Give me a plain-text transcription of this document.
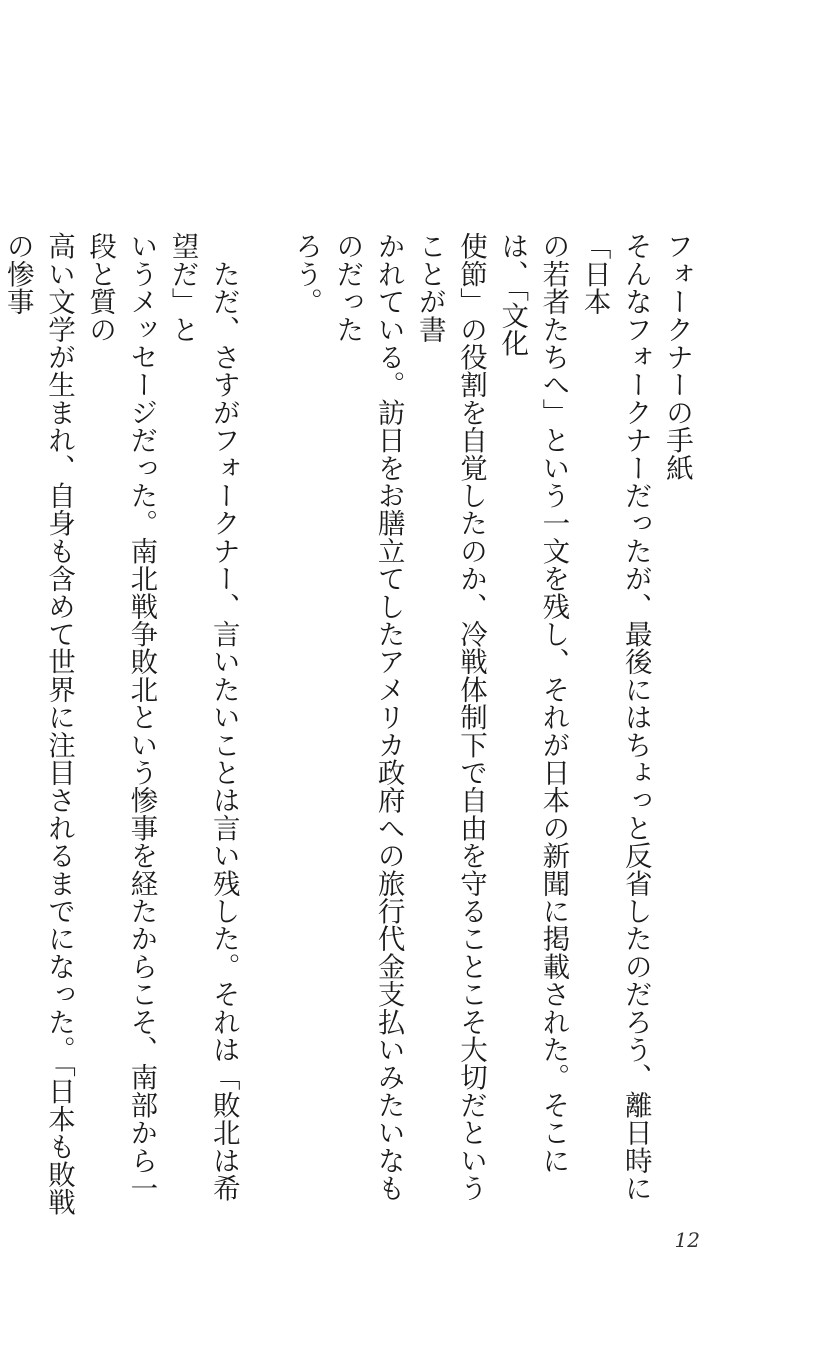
フォークナーの手紙
そんなフォークナーだったが、最後にはちょっと反省したのだろう、離日時に「日本
の若者たちへ」という一文を残し、それが日本の新聞に掲載された。そこには、「文化
使節」の役割を自覚したのか、冷戦体制下で自由を守ることこそ大切だということが書
かれている。訪日をお膳立てしたアメリカ政府への旅行代金支払いみたいなものだった
ろう。
　ただ、さすがフォークナー、言いたいことは言い残した。それは「敗北は希望だ」と
いうメッセージだった。南北戦争敗北という惨事を経たからこそ、南部から一段と質の
高い文学が生まれ、自身も含めて世界に注目されるまでになった。「日本も敗戦の惨事
12
